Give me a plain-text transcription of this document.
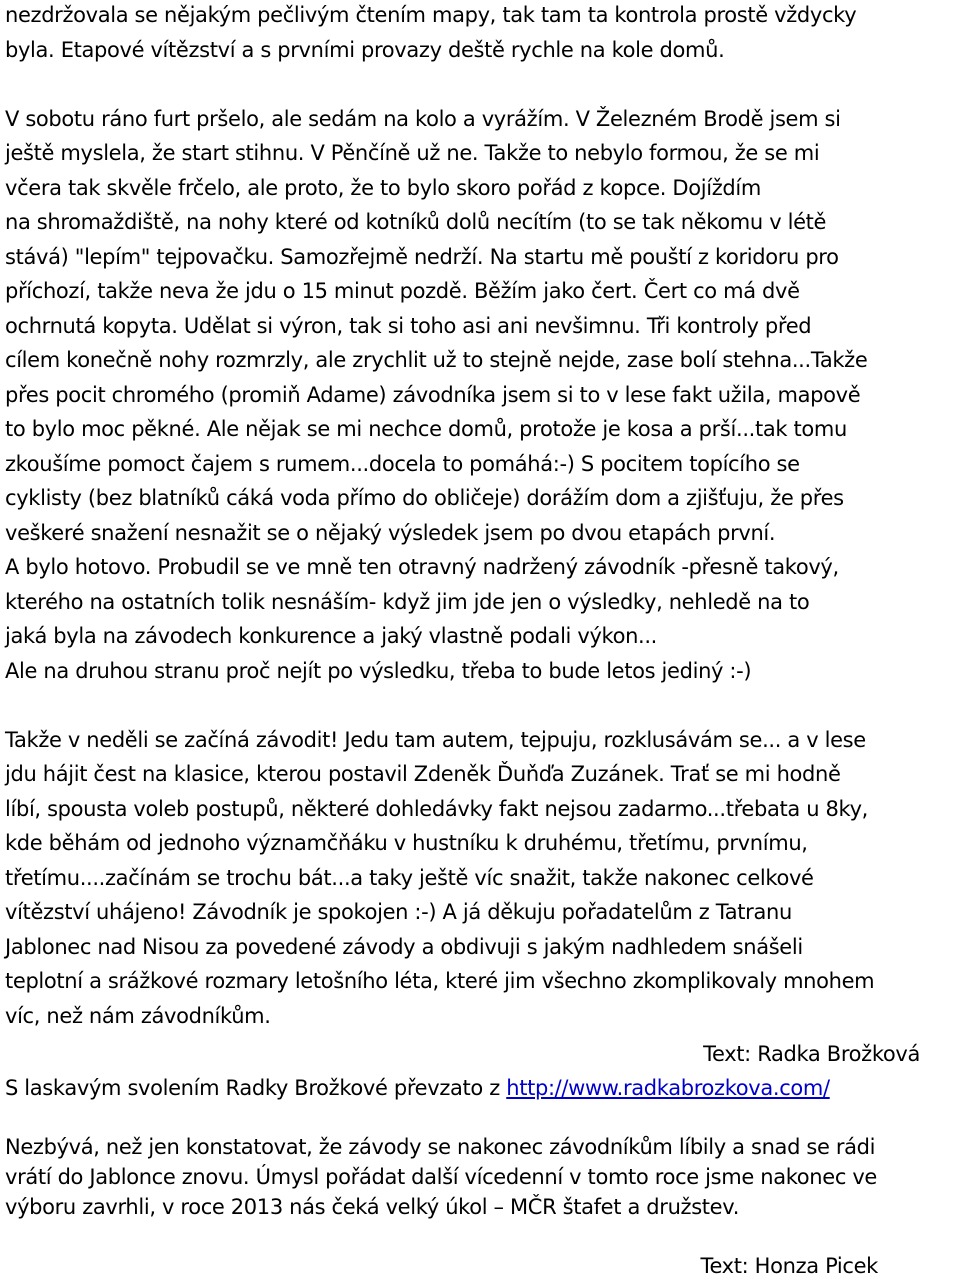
nezdržovala se nějakým pečlivým čtením mapy, tak tam ta kontrola prostě vždycky
byla. Etapové vítězství a s prvními provazy deště rychle na kole domů.
V sobotu ráno furt pršelo, ale sedám na kolo a vyrážím. V Železném Brodě jsem si
ještě myslela, že start stihnu. V Pěnčíně už ne. Takže to nebylo formou, že se mi
včera tak skvěle frčelo, ale proto, že to bylo skoro pořád z kopce. Dojíždím
na shromaždiště, na nohy které od kotníků dolů necítím (to se tak někomu v létě
stává) "lepím" tejpovačku. Samozřejmě nedrží. Na startu mě pouští z koridoru pro
příchozí, takže neva že jdu o 15 minut pozdě. Běžím jako čert. Čert co má dvě
ochrnutá kopyta. Udělat si výron, tak si toho asi ani nevšimnu. Tři kontroly před
cílem konečně nohy rozmrzly, ale zrychlit už to stejně nejde, zase bolí stehna...Takže
přes pocit chromého (promiň Adame) závodníka jsem si to v lese fakt užila, mapově
to bylo moc pěkné. Ale nějak se mi nechce domů, protože je kosa a prší...tak tomu
zkoušíme pomoct čajem s rumem...docela to pomáhá:-) S pocitem topícího se
cyklisty (bez blatníků cáká voda přímo do obličeje) dorážím dom a zjišťuju, že přes
veškeré snažení nesnažit se o nějaký výsledek jsem po dvou etapách první.
A bylo hotovo. Probudil se ve mně ten otravný nadržený závodník -přesně takový,
kterého na ostatních tolik nesnáším- když jim jde jen o výsledky, nehledě na to
jaká byla na závodech konkurence a jaký vlastně podali výkon...
Ale na druhou stranu proč nejít po výsledku, třeba to bude letos jediný :-)
Takže v neděli se začíná závodit! Jedu tam autem, tejpuju, rozklusávám se... a v lese
jdu hájit čest na klasice, kterou postavil Zdeněk Ďuňďa Zuzánek. Trať se mi hodně
líbí, spousta voleb postupů, některé dohledávky fakt nejsou zadarmo...třebata u 8ky,
kde běhám od jednoho významčňáku v hustníku k druhému, třetímu, prvnímu,
třetímu....začínám se trochu bát...a taky ještě víc snažit, takže nakonec celkové
vítězství uhájeno! Závodník je spokojen :-) A já děkuju pořadatelům z Tatranu
Jablonec nad Nisou za povedené závody a obdivuji s jakým nadhledem snášeli
teplotní a srážkové rozmary letošního léta, které jim všechno zkomplikovaly mnohem
víc, než nám závodníkům.
Text: Radka Brožková
S laskavým svolením Radky Brožkové převzato z http://www.radkabrozkova.com/
Nezbývá, než jen konstatovat, že závody se nakonec závodníkům líbily a snad se rádi
vrátí do Jablonce znovu. Úmysl pořádat další vícedenní v tomto roce jsme nakonec ve
výboru zavrhli, v roce 2013 nás čeká velký úkol – MČR štafet a družstev.
Text: Honza Picek
